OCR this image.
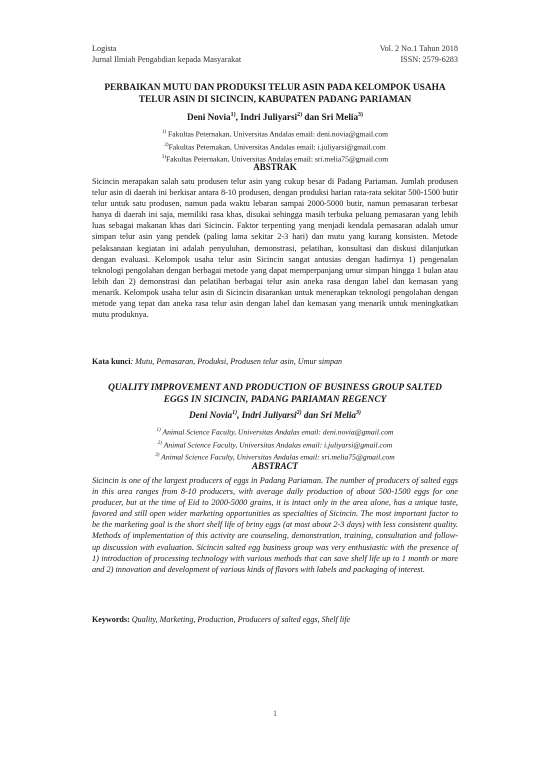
Logista	Vol. 2 No.1 Tahun 2018
Jurnal Ilmiah Pengabdian kepada Masyarakat	ISSN: 2579-6283
PERBAIKAN MUTU DAN PRODUKSI TELUR ASIN PADA KELOMPOK USAHA
TELUR ASIN DI SICINCIN, KABUPATEN PADANG PARIAMAN
Deni Novia$^{1)}$, Indri Juliyarsi$^{2)}$ dan Sri Melia$^{3)}$
$^{1)}$ Fakultas Peternakan, Universitas Andalas email: deni.novia@gmail.com
$^{2)}$Fakultas Peternakan, Universitas Andalas email: i.juliyarsi@gmail.com
$^{3)}$Fakultas Peternakan, Universitas Andalas email: sri.melia75@gmail.com
ABSTRAK

Sicincin merapakan salah satu produsen telur asin yang cukup besar di Padang Pariaman. Jumlah produsen telur asin di daerah ini berkisar antara 8-10 produsen, dengan produksi harian rata-rata sekitar 500-1500 butir telur untuk satu produsen, namun pada waktu lebaran sampai 2000-5000 butir, namun pemasaran terbesar hanya di daerah ini saja, memiliki rasa khas, disukai sehingga masih terbuka peluang pemasaran yang lebih luas sebagai makanan khas dari Sicincin. Faktor terpenting yang menjadi kendala pemasaran adalah umur simpan telur asin yang pendek (paling lama sekitar 2-3 hari) dan mutu yang kurang konsisten. Metode pelaksanaan kegiatan ini adalah penyuluhan, demonstrasi, pelatihan, konsultasi dan diskusi dilanjutkan dengan evaluasi. Kelompok usaha telur asin Sicincin sangat antusias dengan hadirnya 1) pengenalan teknologi pengolahan dengan berbagai metode yang dapat memperpanjang umur simpan hingga 1 bulan atau lebih dan 2) demonstrasi dan pelatihan berbagai telur asin aneka rasa dengan label dan kemasan yang menarik. Kelompok usaha telur asin di Sicincin disarankan untuk menerapkan teknologi pengolahan dengan metode yang tepat dan aneka rasa telur asin dengan label dan kemasan yang menarik untuk meningkatkan mutu produknya.

Kata kunci: Mutu, Pemasaran, Produksi, Produsen telur asin, Umur simpan
QUALITY IMPROVEMENT AND PRODUCTION OF BUSINESS GROUP SALTED
EGGS IN SICINCIN, PADANG PARIAMAN REGENCY
Deni Novia$^{1)}$, Indri Juliyarsi$^{2)}$ dan Sri Melia$^{3)}$
$^{1)}$ Animal Science Faculty, Universitas Andalas email: deni.novia@gmail.com
$^{2)}$ Animal Science Faculty, Universitas Andalas email: i.juliyarsi@gmail.com
$^{3)}$ Animal Science Faculty, Universitas Andalas email: sri.melia75@gmail.com
ABSTRACT

Sicincin is one of the largest producers of eggs in Padang Pariaman. The number of producers of salted eggs in this area ranges from 8-10 producers, with average daily production of about 500-1500 eggs for one producer, but at the time of Eid to 2000-5000 grains, it is intact only in the area alone, has a unique taste, favored and still open wider marketing opportunities as specialties of Sicincin. The most important factor to be the marketing goal is the short shelf life of briny eggs (at most about 2-3 days) with less consistent quality. Methods of implementation of this activity are counseling, demonstration, training, consultation and follow-up discussion with evaluation. Sicincin salted egg business group was very enthusiastic with the presence of 1) introduction of processing technology with various methods that can save shelf life up to 1 month or more and 2) innovation and development of various kinds of flavors with labels and packaging of interest.

Keywords: Quality, Marketing, Production, Producers of salted eggs, Shelf life
1
